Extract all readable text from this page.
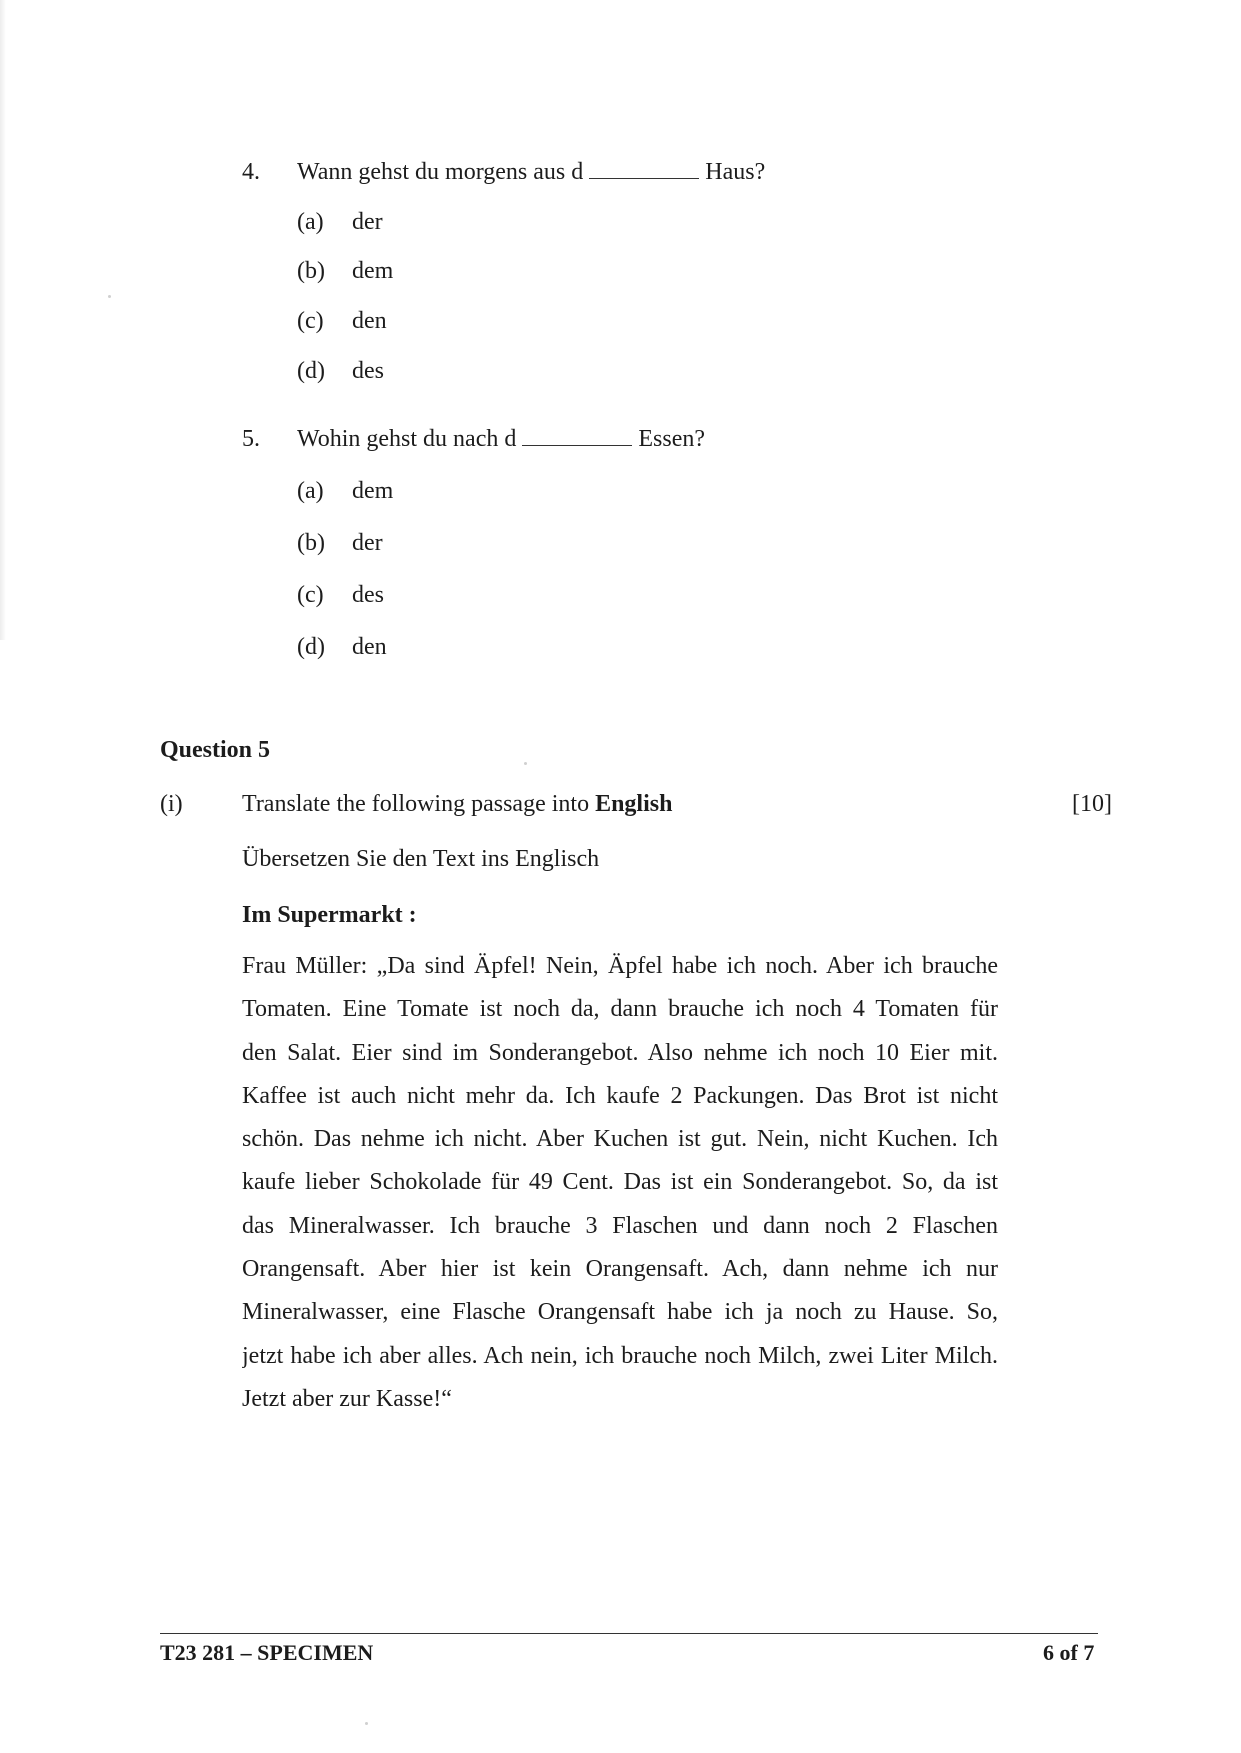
4. Wann gehst du morgens aus d	Haus?
(a)	der
(b)	dem
(c)	den
(d)	des
5. Wohin gehst du nach d	Essen?
(a)	dem
(b)	der
(c)	des
(d)	den
Question 5
(i) Translate the following passage into English	[10]
Übersetzen Sie den Text ins Englisch
Im Supermarkt :
Frau Müller: „Da sind Äpfel! Nein, Äpfel habe ich noch. Aber ich brauche
Tomaten. Eine Tomate ist noch da, dann brauche ich noch 4 Tomaten für
den Salat. Eier sind im Sonderangebot. Also nehme ich noch 10 Eier mit.
Kaffee ist auch nicht mehr da. Ich kaufe 2 Packungen. Das Brot ist nicht
schön. Das nehme ich nicht. Aber Kuchen ist gut. Nein, nicht Kuchen. Ich
kaufe lieber Schokolade für 49 Cent. Das ist ein Sonderangebot. So, da ist
das Mineralwasser. Ich brauche 3 Flaschen und dann noch 2 Flaschen
Orangensaft. Aber hier ist kein Orangensaft. Ach, dann nehme ich nur
Mineralwasser, eine Flasche Orangensaft habe ich ja noch zu Hause. So,
jetzt habe ich aber alles. Ach nein, ich brauche noch Milch, zwei Liter Milch.
Jetzt aber zur Kasse!“
T23 281 – SPECIMEN	6 of 7
